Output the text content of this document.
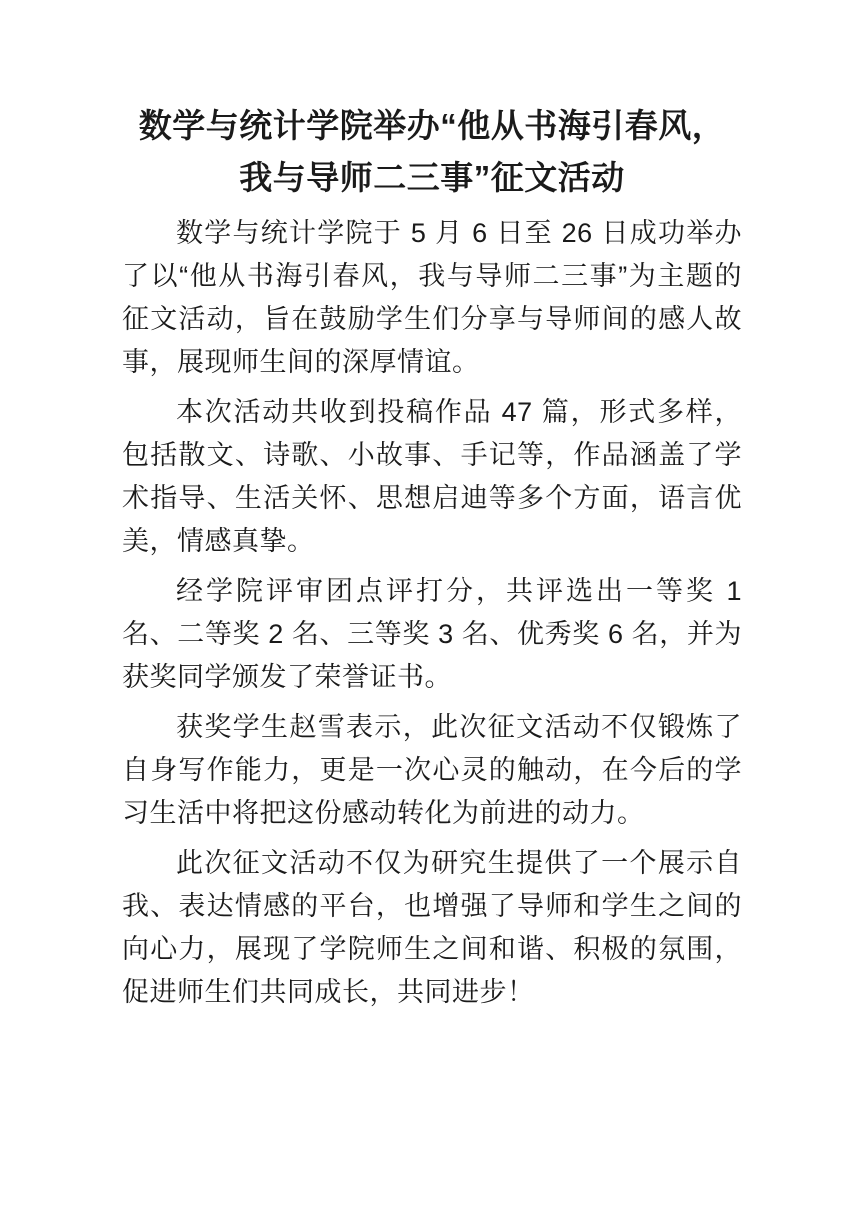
数学与统计学院举办“他从书海引春风，
我与导师二三事”征文活动

数学与统计学院于 5 月 6 日至 26 日成功举办了以“他从书海引春风，我与导师二三事”为主题的征文活动，旨在鼓励学生们分享与导师间的感人故事，展现师生间的深厚情谊。

本次活动共收到投稿作品 47 篇，形式多样，包括散文、诗歌、小故事、手记等，作品涵盖了学术指导、生活关怀、思想启迪等多个方面，语言优美，情感真挚。

经学院评审团点评打分，共评选出一等奖 1 名、二等奖 2 名、三等奖 3 名、优秀奖 6 名，并为获奖同学颁发了荣誉证书。

获奖学生赵雪表示，此次征文活动不仅锻炼了自身写作能力，更是一次心灵的触动，在今后的学习生活中将把这份感动转化为前进的动力。

此次征文活动不仅为研究生提供了一个展示自我、表达情感的平台，也增强了导师和学生之间的向心力，展现了学院师生之间和谐、积极的氛围，促进师生们共同成长，共同进步！
